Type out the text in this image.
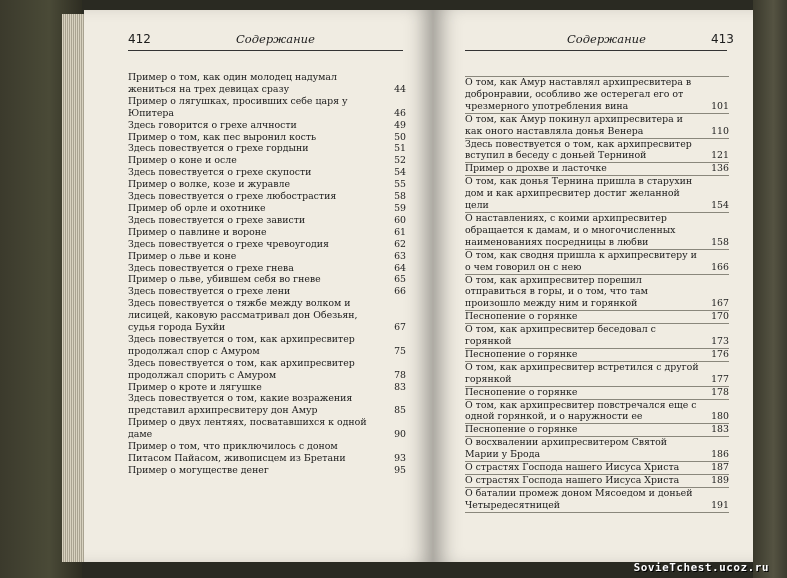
412	Содержание
Пример о том, как один молодец надумал жениться на трех девицах сразу	44
Пример о лягушках, просивших себе царя у Юпитера	46
Здесь говорится о грехе алчности	49
Пример о том, как пес выронил кость	50
Здесь повествуется о грехе гордыни	51
Пример о коне и осле	52
Здесь повествуется о грехе скупости	54
Пример о волке, козе и журавле	55
Здесь повествуется о грехе любострастия	58
Пример об орле и охотнике	59
Здесь повествуется о грехе зависти	60
Пример о павлине и вороне	61
Здесь повествуется о грехе чревоугодия	62
Пример о льве и коне	63
Здесь повествуется о грехе гнева	64
Пример о льве, убившем себя во гневе	65
Здесь повествуется о грехе лени	66
Здесь повествуется о тяжбе между волком и лисицей, каковую рассматривал дон Обезьян, судья города Бухйи	67
Здесь повествуется о том, как архипресвитер продолжал спор с Амуром	75
Здесь повествуется о том, как архипресвитер продолжал спорить с Амуром	78
Пример о кроте и лягушке	83
Здесь повествуется о том, какие возражения представил архипресвитеру дон Амур	85
Пример о двух лентяях, посватавшихся к одной даме	90
Пример о том, что приключилось с доном Питасом Пайасом, живописцем из Бретани	93
Пример о могуществе денег	95
Содержание	413
О том, как Амур наставлял архипресвитера в добронравии, особливо же остерегал его от чрезмерного употребления вина	101
О том, как Амур покинул архипресвитера и как оного наставляла донья Венера	110
Здесь повествуется о том, как архипресвитер вступил в беседу с доньей Терниной	121
Пример о дрохве и ласточке	136
О том, как донья Тернина пришла в старухин дом и как архипресвитер достиг желанной цели	154
О наставлениях, с коими архипресвитер обращается к дамам, и о многочисленных наименованиях посредницы в любви	158
О том, как сводня пришла к архипресвитеру и о чем говорил он с нею	166
О том, как архипресвитер порешил отправиться в горы, и о том, что там произошло между ним и горянкой	167
Песнопение о горянке	170
О том, как архипресвитер беседовал с горянкой	173
Песнопение о горянке	176
О том, как архипресвитер встретился с другой горянкой	177
Песнопение о горянке	178
О том, как архипресвитер повстречался еще с одной горянкой, и о наружности ее	180
Песнопение о горянке	183
О восхвалении архипресвитером Святой Марии у Брода	186
О страстях Господа нашего Иисуса Христа	187
О страстях Господа нашего Иисуса Христа	189
О баталии промеж доном Мясоедом и доньей Четыредесятницей	191
SovieTchest.ucoz.ru
